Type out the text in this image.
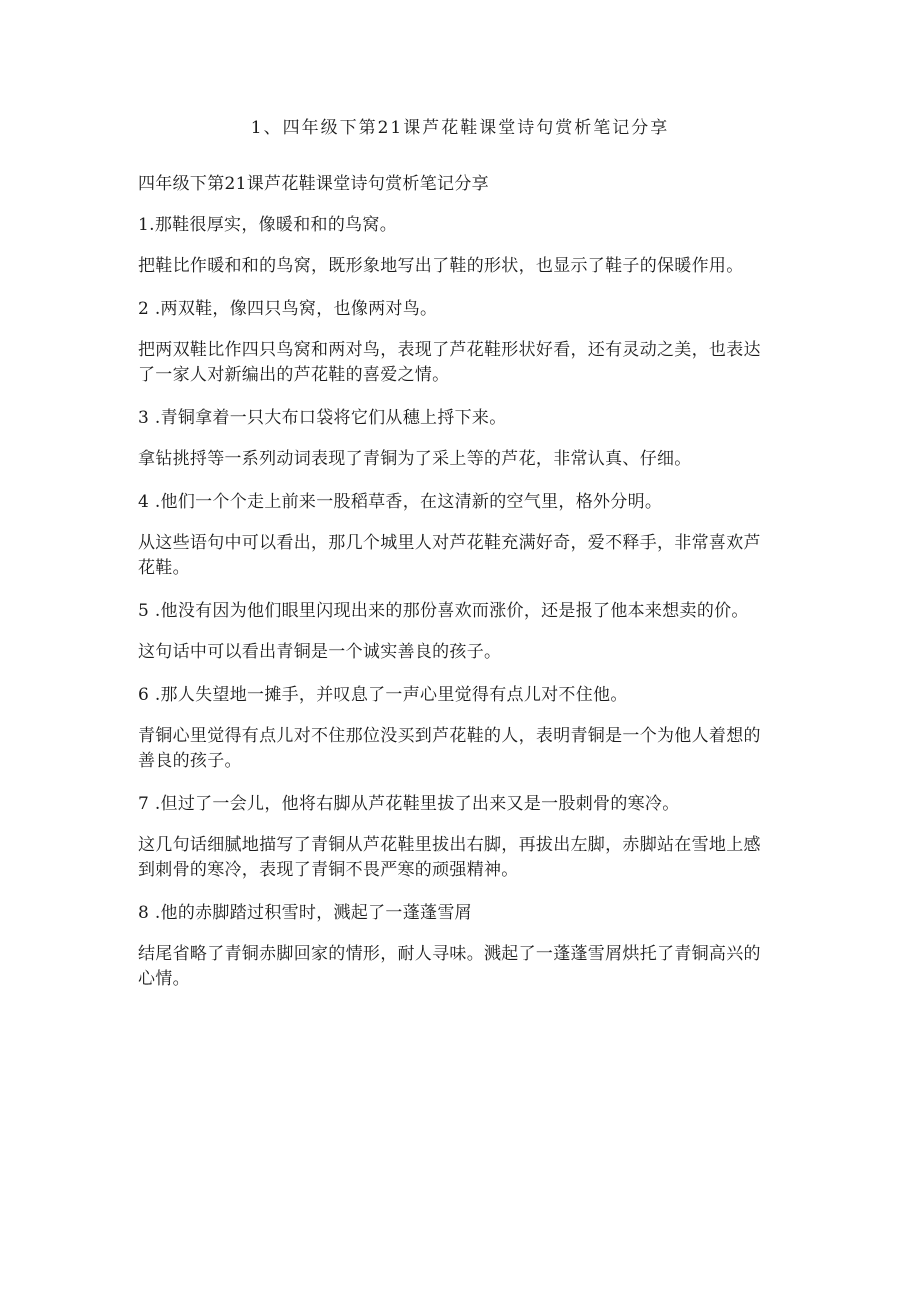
1、四年级下第21课芦花鞋课堂诗句赏析笔记分享

四年级下第21课芦花鞋课堂诗句赏析笔记分享

1.那鞋很厚实，像暖和和的鸟窝。

把鞋比作暖和和的鸟窝，既形象地写出了鞋的形状，也显示了鞋子的保暖作用。

2 .两双鞋，像四只鸟窝，也像两对鸟。

把两双鞋比作四只鸟窝和两对鸟，表现了芦花鞋形状好看，还有灵动之美，也表达了一家人对新编出的芦花鞋的喜爱之情。

3 .青铜拿着一只大布口袋将它们从穗上捋下来。

拿钻挑捋等一系列动词表现了青铜为了采上等的芦花，非常认真、仔细。

4 .他们一个个走上前来一股稻草香，在这清新的空气里，格外分明。

从这些语句中可以看出，那几个城里人对芦花鞋充满好奇，爱不释手，非常喜欢芦花鞋。

5 .他没有因为他们眼里闪现出来的那份喜欢而涨价，还是报了他本来想卖的价。

这句话中可以看出青铜是一个诚实善良的孩子。

6 .那人失望地一摊手，并叹息了一声心里觉得有点儿对不住他。

青铜心里觉得有点儿对不住那位没买到芦花鞋的人，表明青铜是一个为他人着想的善良的孩子。

7 .但过了一会儿，他将右脚从芦花鞋里拔了出来又是一股刺骨的寒冷。

这几句话细腻地描写了青铜从芦花鞋里拔出右脚，再拔出左脚，赤脚站在雪地上感到刺骨的寒冷，表现了青铜不畏严寒的顽强精神。

8 .他的赤脚踏过积雪时，溅起了一蓬蓬雪屑

结尾省略了青铜赤脚回家的情形，耐人寻味。溅起了一蓬蓬雪屑烘托了青铜高兴的心情。
